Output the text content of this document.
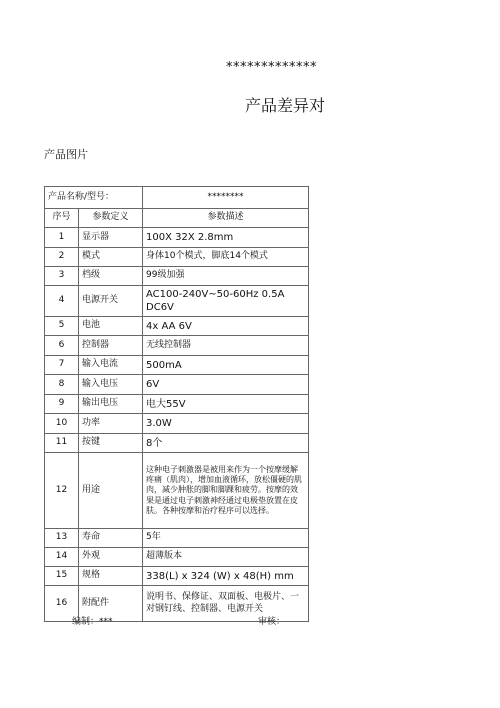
*************
产品差异对
产品图片
产品名称/型号：		********
序号	参数定义	参数描述
1	显示器	100X 32X 2.8mm
2	模式	身体10个模式，脚底14个模式
3	档级	99级加强
4	电源开关	AC100-240V~50-60Hz 0.5A DC6V
5	电池	4x AA 6V
6	控制器	无线控制器
7	输入电流	500mA
8	输入电压	6V
9	输出电压	电大55V
10	功率	3.0W
11	按键	8个
12	用途	这种电子刺激器是被用来作为一个按摩缓解疼痛（肌肉），增加血液循环，放松僵硬的肌肉，减少肿胀的脚和脚踝和疲劳。按摩的效果是通过电子刺激神经通过电极垫放置在皮肤。各种按摩和治疗程序可以选择。
13	寿命	5年
14	外观	超薄版本
15	规格	338(L) x 324 (W) x 48(H) mm
16	附配件	说明书、保修证、双面板、电极片、一对钢钉线、控制器、电源开关
编制：***	审核：
